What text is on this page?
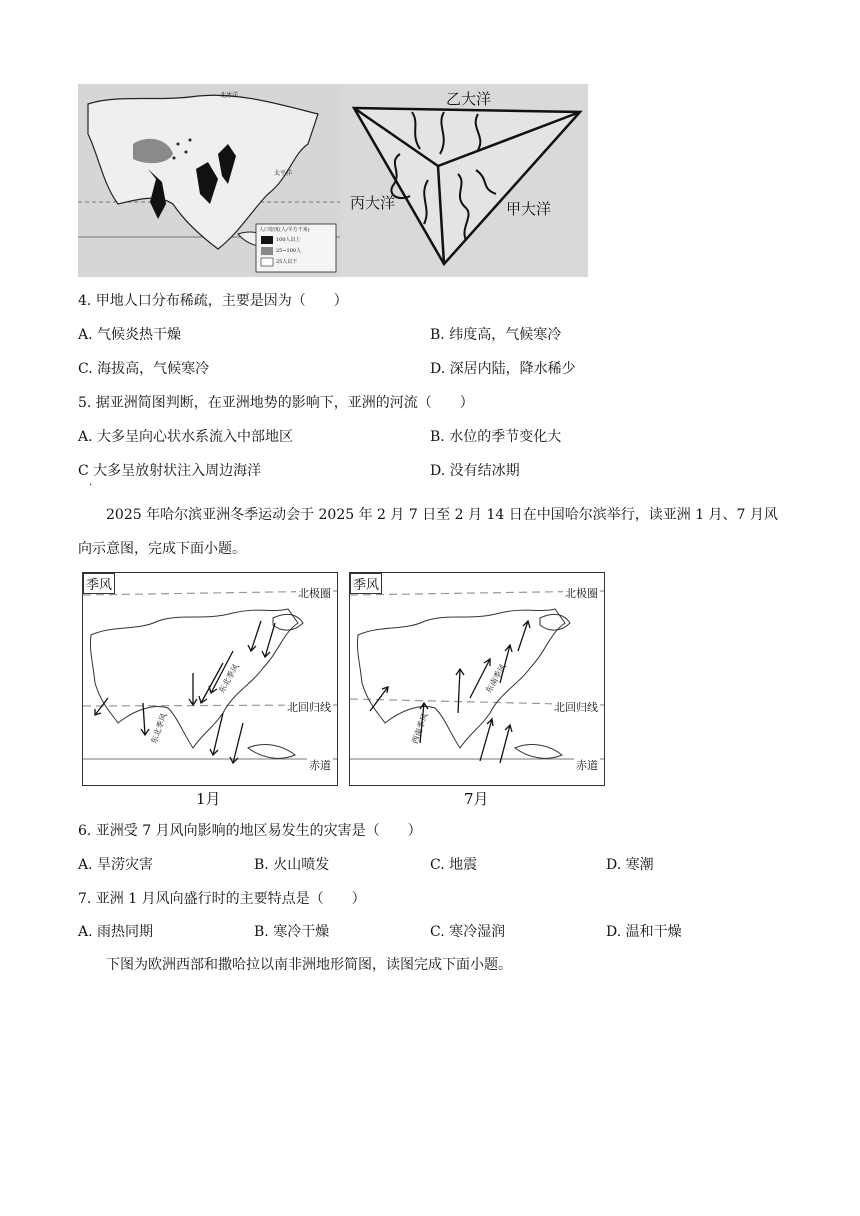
北冰洋
太平洋
人口密度(人/平方千米)
100人以上
25~100人
25人以下
乙大洋
丙大洋	甲大洋
4. 甲地人口分布稀疏，主要是因为（　　）
A. 气候炎热干燥	B. 纬度高，气候寒冷
C. 海拔高，气候寒冷	D. 深居内陆，降水稀少
5. 据亚洲简图判断，在亚洲地势的影响下，亚洲的河流（　　）
A. 大多呈向心状水系流入中部地区	B. 水位的季节变化大
C 大多呈放射状注入周边海洋	D. 没有结冰期
·
2025 年哈尔滨亚洲冬季运动会于 2025 年 2 月 7 日至 2 月 14 日在中国哈尔滨举行，读亚洲 1 月、7 月风向示意图，完成下面小题。
季风
北极圈
北回归线
赤道
东北季风
东北季风
1月
季风
北极圈
北回归线
赤道
东南季风
西南季风
7月
6. 亚洲受 7 月风向影响的地区易发生的灾害是（　　）
A. 旱涝灾害	B. 火山喷发	C. 地震	D. 寒潮
7. 亚洲 1 月风向盛行时的主要特点是（　　）
A. 雨热同期	B. 寒冷干燥	C. 寒冷湿润	D. 温和干燥
下图为欧洲西部和撒哈拉以南非洲地形简图，读图完成下面小题。
